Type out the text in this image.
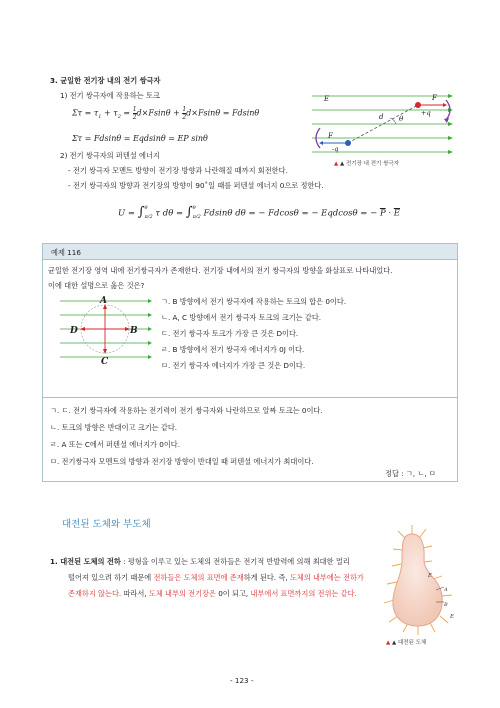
3. 균일한 전기장 내의 전기 쌍극자
1) 전기 쌍극자에 작용하는 토크
$\Sigma\tau = \tau_1 + \tau_2 = 1$
2d×Fsinθ + 1
2d×Fsinθ = Fdsinθ
Στ = Fdsinθ = Eqdsinθ = EP sinθ
2) 전기 쌍극자의 퍼텐셜 에너지
- 전기 쌍극자 모멘트 방향이 전기장 방향과 나란해질 때까지 회전한다.
- 전기 쌍극자의 방향과 전기장의 방향이 90˚일 때를 퍼텐셜 에너지 0으로 정한다.
U = ∫ θ
π/2 τ dθ = ∫ θ
π/2 Fdsinθ dθ = − Fdcosθ = − Eqdcosθ = − $\overline{P} \cdot \overline{E}$
E	F
+q
d θ
F
-q
▲ ▲ 전기장 내 전기 쌍극자
예제 116
균일한 전기장 영역 내에 전기쌍극자가 존재한다. 전기장 내에서의 전기 쌍극자의 방향을 화살표로 나타내었다.
이에 대한 설명으로 옳은 것은?
A
B
C
D
ㄱ. B 방향에서 전기 쌍극자에 작용하는 토크의 합은 0이다.
ㄴ. A, C 방향에서 전기 쌍극자 토크의 크기는 같다.
ㄷ. 전기 쌍극자 토크가 가장 큰 것은 D이다.
ㄹ. B 방향에서 전기 쌍극자 에너지가 0J 이다.
ㅁ. 전기 쌍극자 에너지가 가장 큰 것은 D이다.
ㄱ. ㄷ. 전기 쌍극자에 작용하는 전기력이 전기 쌍극자와 나란하므로 알짜 토크는 0이다.
ㄴ. 토크의 방향은 반대이고 크기는 같다.
ㄹ. A 또는 C에서 퍼텐셜 에너지가 0이다.
ㅁ. 전기쌍극자 모멘트의 방향과 전기장 방향이 반대일 때 퍼텐셜 에너지가 최대이다.
정답 : ㄱ, ㄴ, ㅁ
대전된 도체와 부도체
1. 대전된 도체의 전하 : 평형을 이루고 있는 도체의 전하들은 전기적 반발력에 의해 최대한 멀리
떨어져 있으려 하기 때문에 전하들은 도체의 표면에 존재하게 된다. 즉, 도체의 내부에는 전하가
존재하지 않는다. 따라서, 도체 내부의 전기장은 0이 되고, 내부에서 표면까지의 전위는 같다.
E
A
B
E
▲ ▲ 대전된 도체
- 123 -
